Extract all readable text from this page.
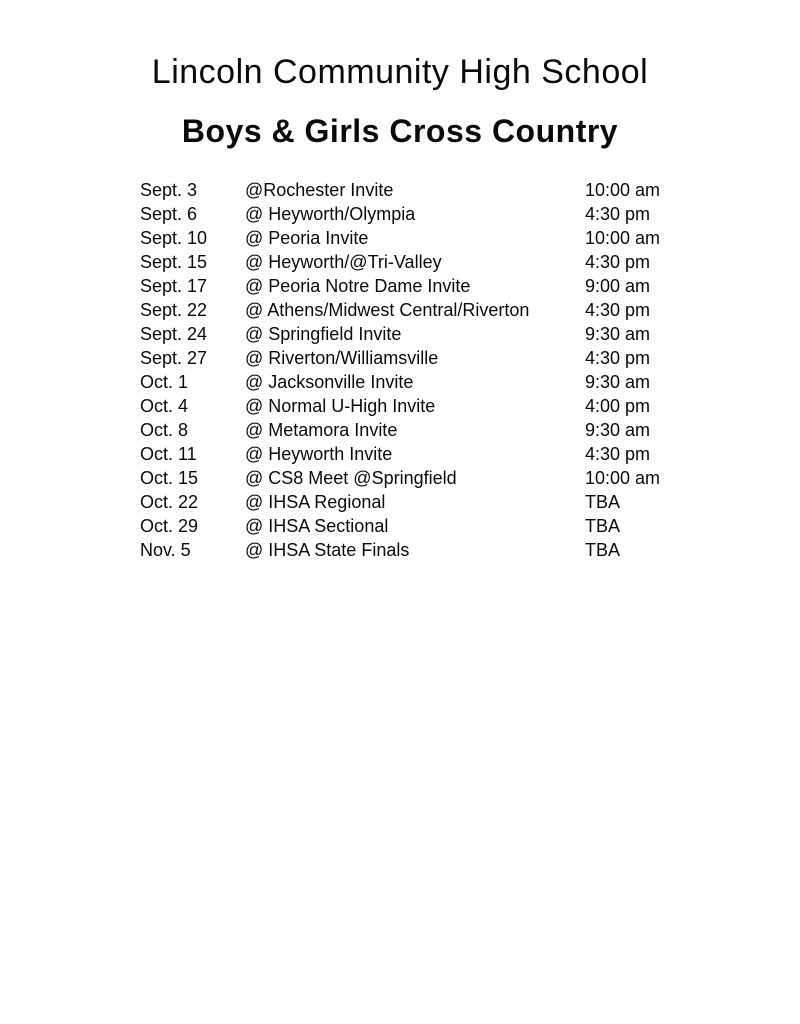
Lincoln Community High School
Boys & Girls Cross Country
Sept. 3	@Rochester Invite	10:00 am
Sept. 6	@ Heyworth/Olympia	4:30 pm
Sept. 10	@ Peoria Invite	10:00 am
Sept. 15	@ Heyworth/@Tri-Valley	4:30 pm
Sept. 17	@ Peoria Notre Dame Invite	9:00 am
Sept. 22	@ Athens/Midwest Central/Riverton	4:30 pm
Sept. 24	@ Springfield Invite	9:30 am
Sept. 27	@ Riverton/Williamsville	4:30 pm
Oct. 1	@ Jacksonville Invite	9:30 am
Oct. 4	@ Normal U-High Invite	4:00 pm
Oct. 8	@ Metamora Invite	9:30 am
Oct. 11	@ Heyworth Invite	4:30 pm
Oct. 15	@ CS8 Meet @Springfield	10:00 am
Oct. 22	@ IHSA Regional	TBA
Oct. 29	@ IHSA Sectional	TBA
Nov. 5	@ IHSA State Finals	TBA
